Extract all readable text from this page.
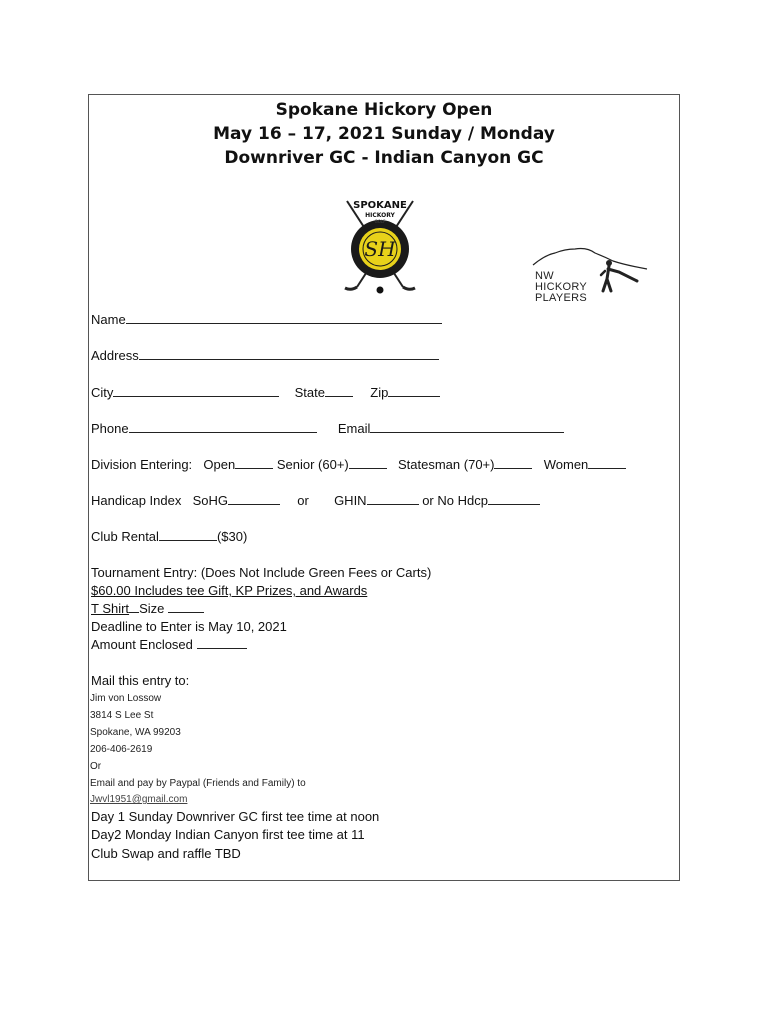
Spokane Hickory Open
May 16 – 17, 2021 Sunday / Monday
Downriver GC - Indian Canyon GC
SH
SPOKANE
HICKORY
GOLF
NW
HICKORY
PLAYERS
Name
Address
City	State	Zip
Phone	Email
Division Entering: Open	Senior (60+)	Statesman (70+)	Women
Handicap Index SoHG	or GHIN	or No Hdcp
Club Rental	($30)
Tournament Entry: (Does Not Include Green Fees or Carts)
$60.00 Includes tee Gift, KP Prizes, and Awards
T Shirt Size
Deadline to Enter is May 10, 2021
Amount Enclosed
Mail this entry to:
Jim von Lossow
3814 S Lee St
Spokane, WA 99203
206-406-2619
Or
Email and pay by Paypal (Friends and Family) to
Jwvl1951@gmail.com
Day 1 Sunday Downriver GC first tee time at noon
Day2 Monday Indian Canyon first tee time at 11
Club Swap and raffle TBD
